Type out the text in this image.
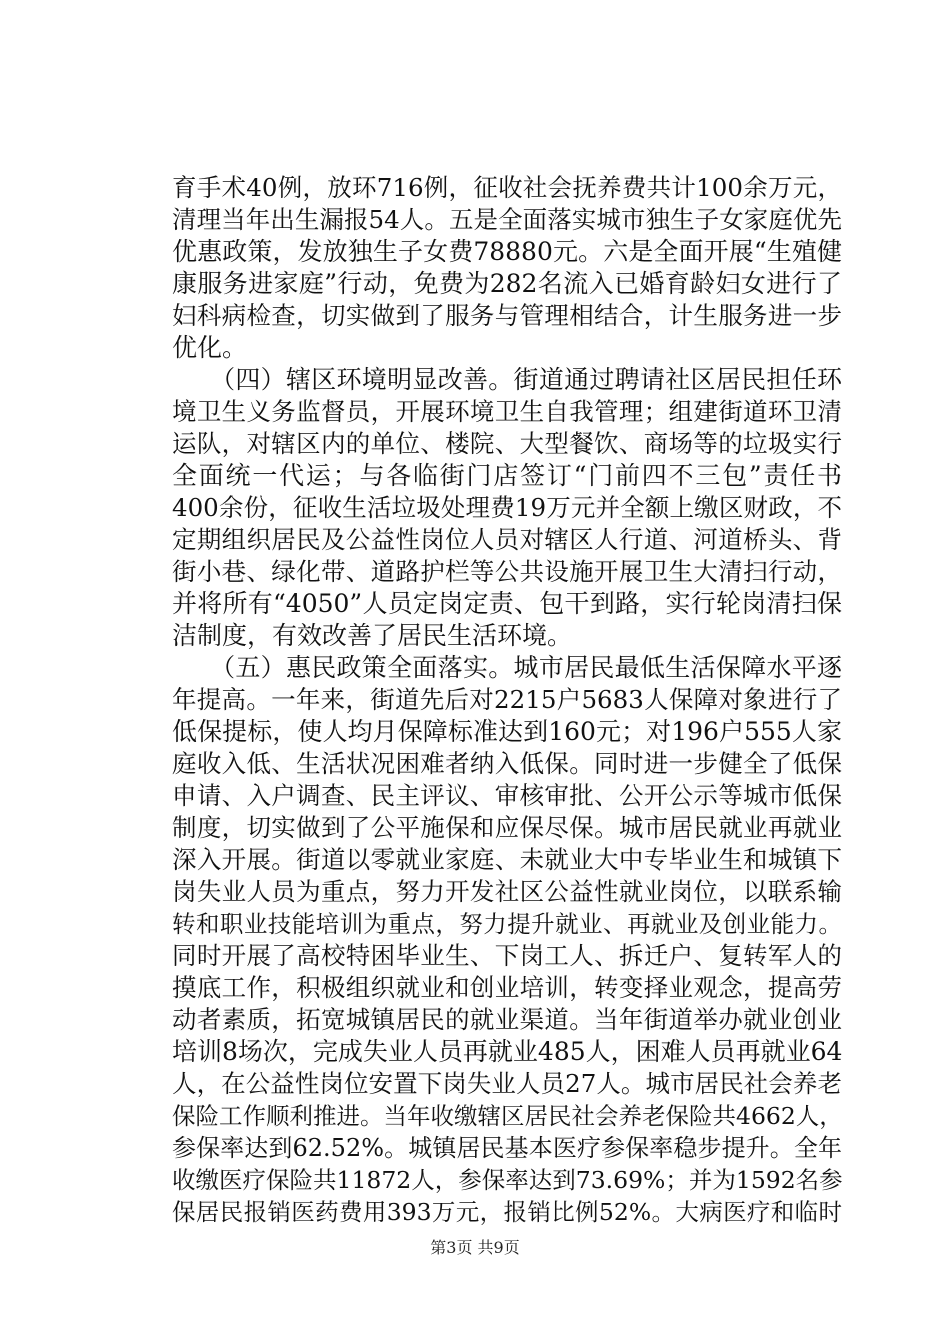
育手术40例，放环716例，征收社会抚养费共计100余万元，
清理当年出生漏报54人。五是全面落实城市独生子女家庭优先
优惠政策，发放独生子女费78880元。六是全面开展“生殖健
康服务进家庭”行动，免费为282名流入已婚育龄妇女进行了
妇科病检查，切实做到了服务与管理相结合，计生服务进一步
优化。
　　（四）辖区环境明显改善。街道通过聘请社区居民担任环
境卫生义务监督员，开展环境卫生自我管理；组建街道环卫清
运队，对辖区内的单位、楼院、大型餐饮、商场等的垃圾实行
全面统一代运；与各临街门店签订“门前四不三包”责任书
400余份，征收生活垃圾处理费19万元并全额上缴区财政，不
定期组织居民及公益性岗位人员对辖区人行道、河道桥头、背
街小巷、绿化带、道路护栏等公共设施开展卫生大清扫行动，
并将所有“4050”人员定岗定责、包干到路，实行轮岗清扫保
洁制度，有效改善了居民生活环境。
　　（五）惠民政策全面落实。城市居民最低生活保障水平逐
年提高。一年来，街道先后对2215户5683人保障对象进行了
低保提标，使人均月保障标准达到160元；对196户555人家
庭收入低、生活状况困难者纳入低保。同时进一步健全了低保
申请、入户调查、民主评议、审核审批、公开公示等城市低保
制度，切实做到了公平施保和应保尽保。城市居民就业再就业
深入开展。街道以零就业家庭、未就业大中专毕业生和城镇下
岗失业人员为重点，努力开发社区公益性就业岗位，以联系输
转和职业技能培训为重点，努力提升就业、再就业及创业能力。
同时开展了高校特困毕业生、下岗工人、拆迁户、复转军人的
摸底工作，积极组织就业和创业培训，转变择业观念，提高劳
动者素质，拓宽城镇居民的就业渠道。当年街道举办就业创业
培训8场次，完成失业人员再就业485人，困难人员再就业64
人，在公益性岗位安置下岗失业人员27人。城市居民社会养老
保险工作顺利推进。当年收缴辖区居民社会养老保险共4662人，
参保率达到62.52%。城镇居民基本医疗参保率稳步提升。全年
收缴医疗保险共11872人，参保率达到73.69%；并为1592名参
保居民报销医药费用393万元，报销比例52%。大病医疗和临时
第3页 共9页
